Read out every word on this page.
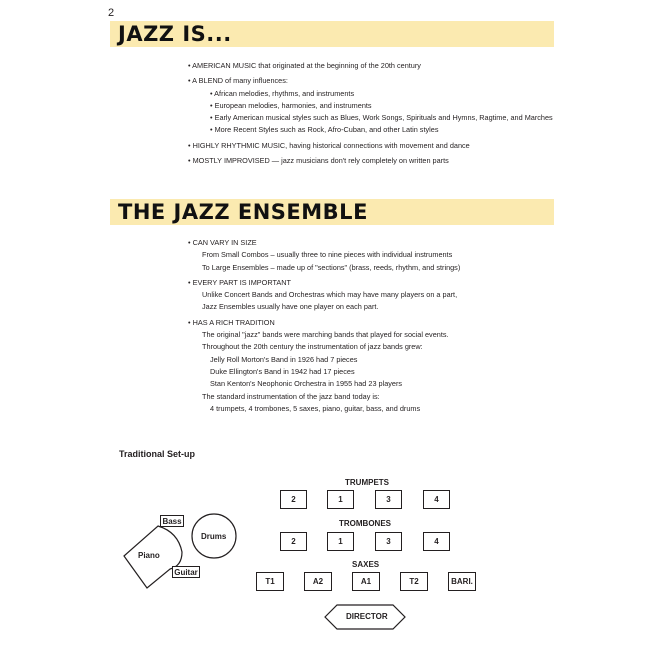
2
JAZZ IS...
• AMERICAN MUSIC that originated at the beginning of the 20th century
• A BLEND of many influences:
• African melodies, rhythms, and instruments
• European melodies, harmonies, and instruments
• Early American musical styles such as Blues, Work Songs, Spirituals and Hymns, Ragtime, and Marches
• More Recent Styles such as Rock, Afro-Cuban, and other Latin styles
• HIGHLY RHYTHMIC MUSIC, having historical connections with movement and dance
• MOSTLY IMPROVISED — jazz musicians don't rely completely on written parts
THE JAZZ ENSEMBLE
• CAN VARY IN SIZE
From Small Combos – usually three to nine pieces with individual instruments
To Large Ensembles – made up of "sections" (brass, reeds, rhythm, and strings)
• EVERY PART IS IMPORTANT
Unlike Concert Bands and Orchestras which may have many players on a part,
Jazz Ensembles usually have one player on each part.
• HAS A RICH TRADITION
The original "jazz" bands were marching bands that played for social events.
Throughout the 20th century the instrumentation of jazz bands grew:
Jelly Roll Morton's Band in 1926 had 7 pieces
Duke Ellington's Band in 1942 had 17 pieces
Stan Kenton's Neophonic Orchestra in 1955 had 23 players
The standard instrumentation of the jazz band today is:
4 trumpets, 4 trombones, 5 saxes, piano, guitar, bass, and drums
Traditional Set-up
Bass
Drums
Piano
Guitar
TRUMPETS
TROMBONES
SAXES
2	1	3	4
2	1	3	4
T1	A2	A1	T2	BARI.
DIRECTOR
